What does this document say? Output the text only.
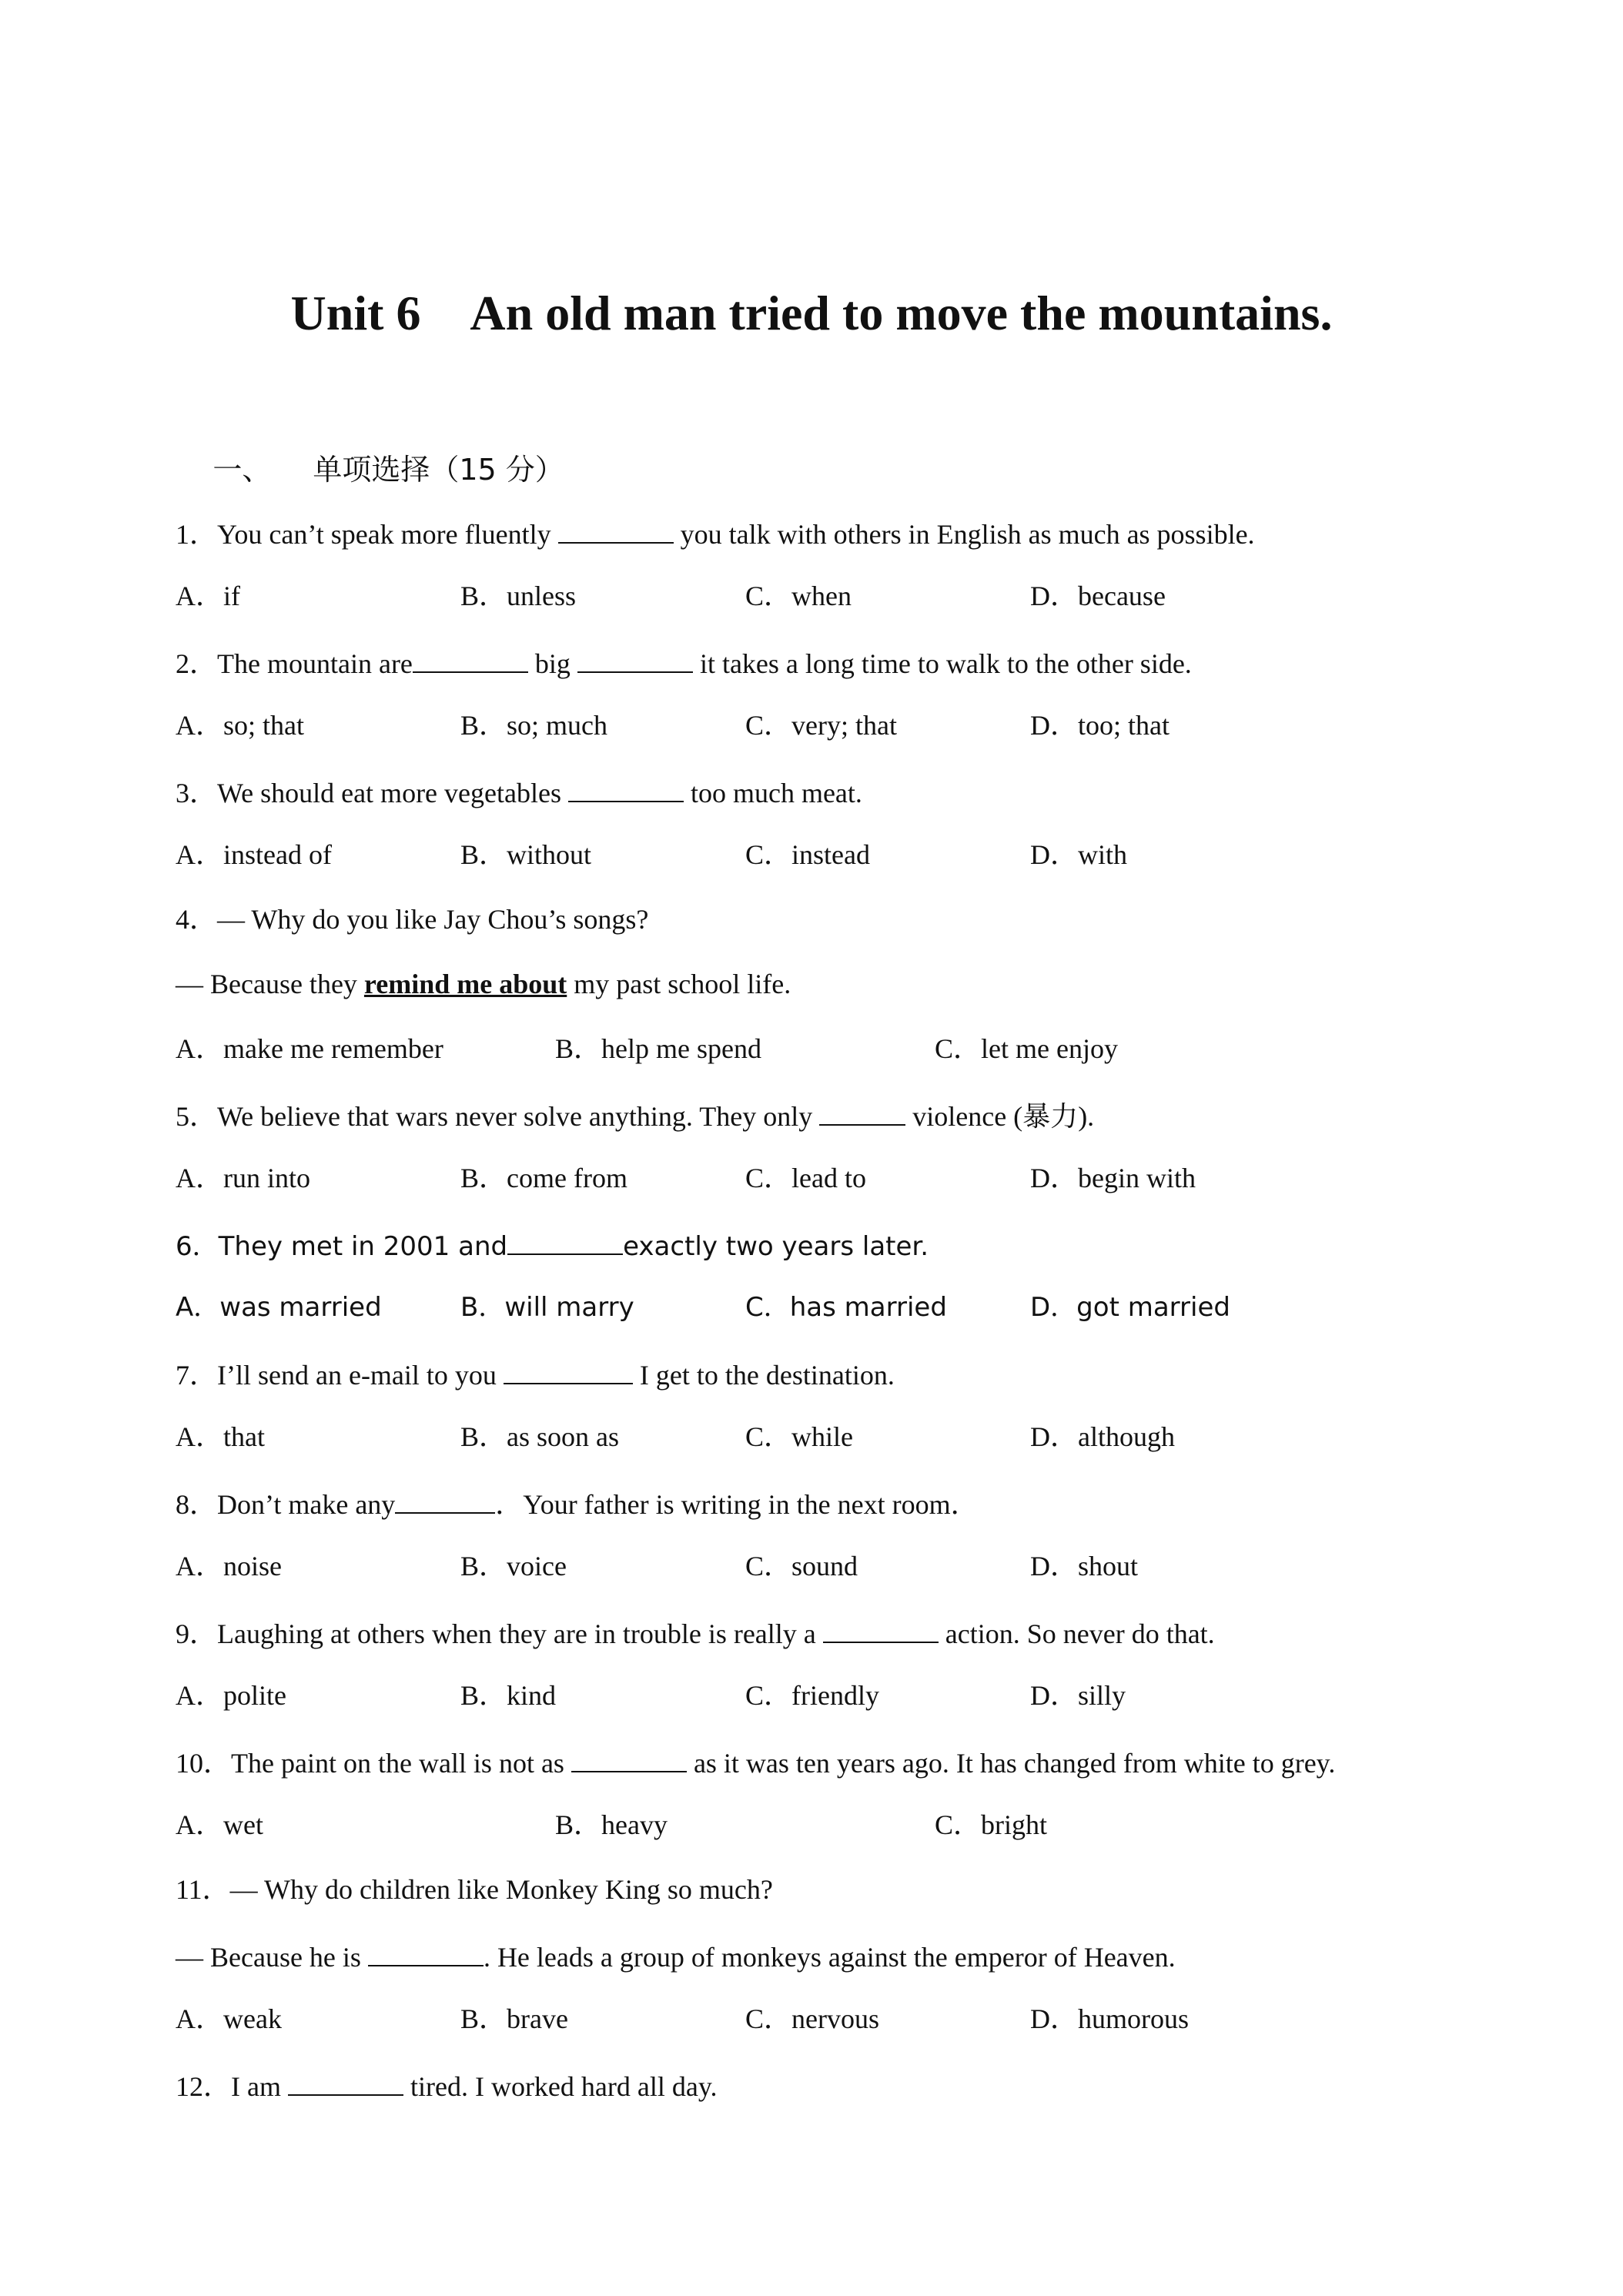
Unit 6　An old man tried to move the mountains.

一、 单项选择（15 分）

1．You can’t speak more fluently	you talk with others in English as much as possible.
A．if	B．unless	C．when	D．because
2．The mountain are	big	it takes a long time to walk to the other side.
A．so; that	B．so; much	C．very; that	D．too; that
3．We should eat more vegetables	too much meat.
A．instead of	B．without	C．instead	D．with
4．— Why do you like Jay Chou’s songs?
— Because they remind me about my past school life.
A．make me remember	B．help me spend	C．let me enjoy
5．We believe that wars never solve anything. They only	violence (暴力).
A．run into	B．come from	C．lead to	D．begin with
6．They met in 2001 and	exactly two years later.
A．was married	B．will marry	C．has married	D．got married
7．I’ll send an e-mail to you	I get to the destination.
A．that	B．as soon as	C．while	D．although
8．Don’t make any	．Your father is writing in the next room．
A．noise	B．voice	C．sound	D．shout
9．Laughing at others when they are in trouble is really a	action. So never do that.
A．polite	B．kind	C．friendly	D．silly
10．The paint on the wall is not as	as it was ten years ago. It has changed from white to grey.
A．wet	B．heavy	C．bright
11．— Why do children like Monkey King so much?
— Because he is	. He leads a group of monkeys against the emperor of Heaven.
A．weak	B．brave	C．nervous	D．humorous
12．I am	tired. I worked hard all day.
